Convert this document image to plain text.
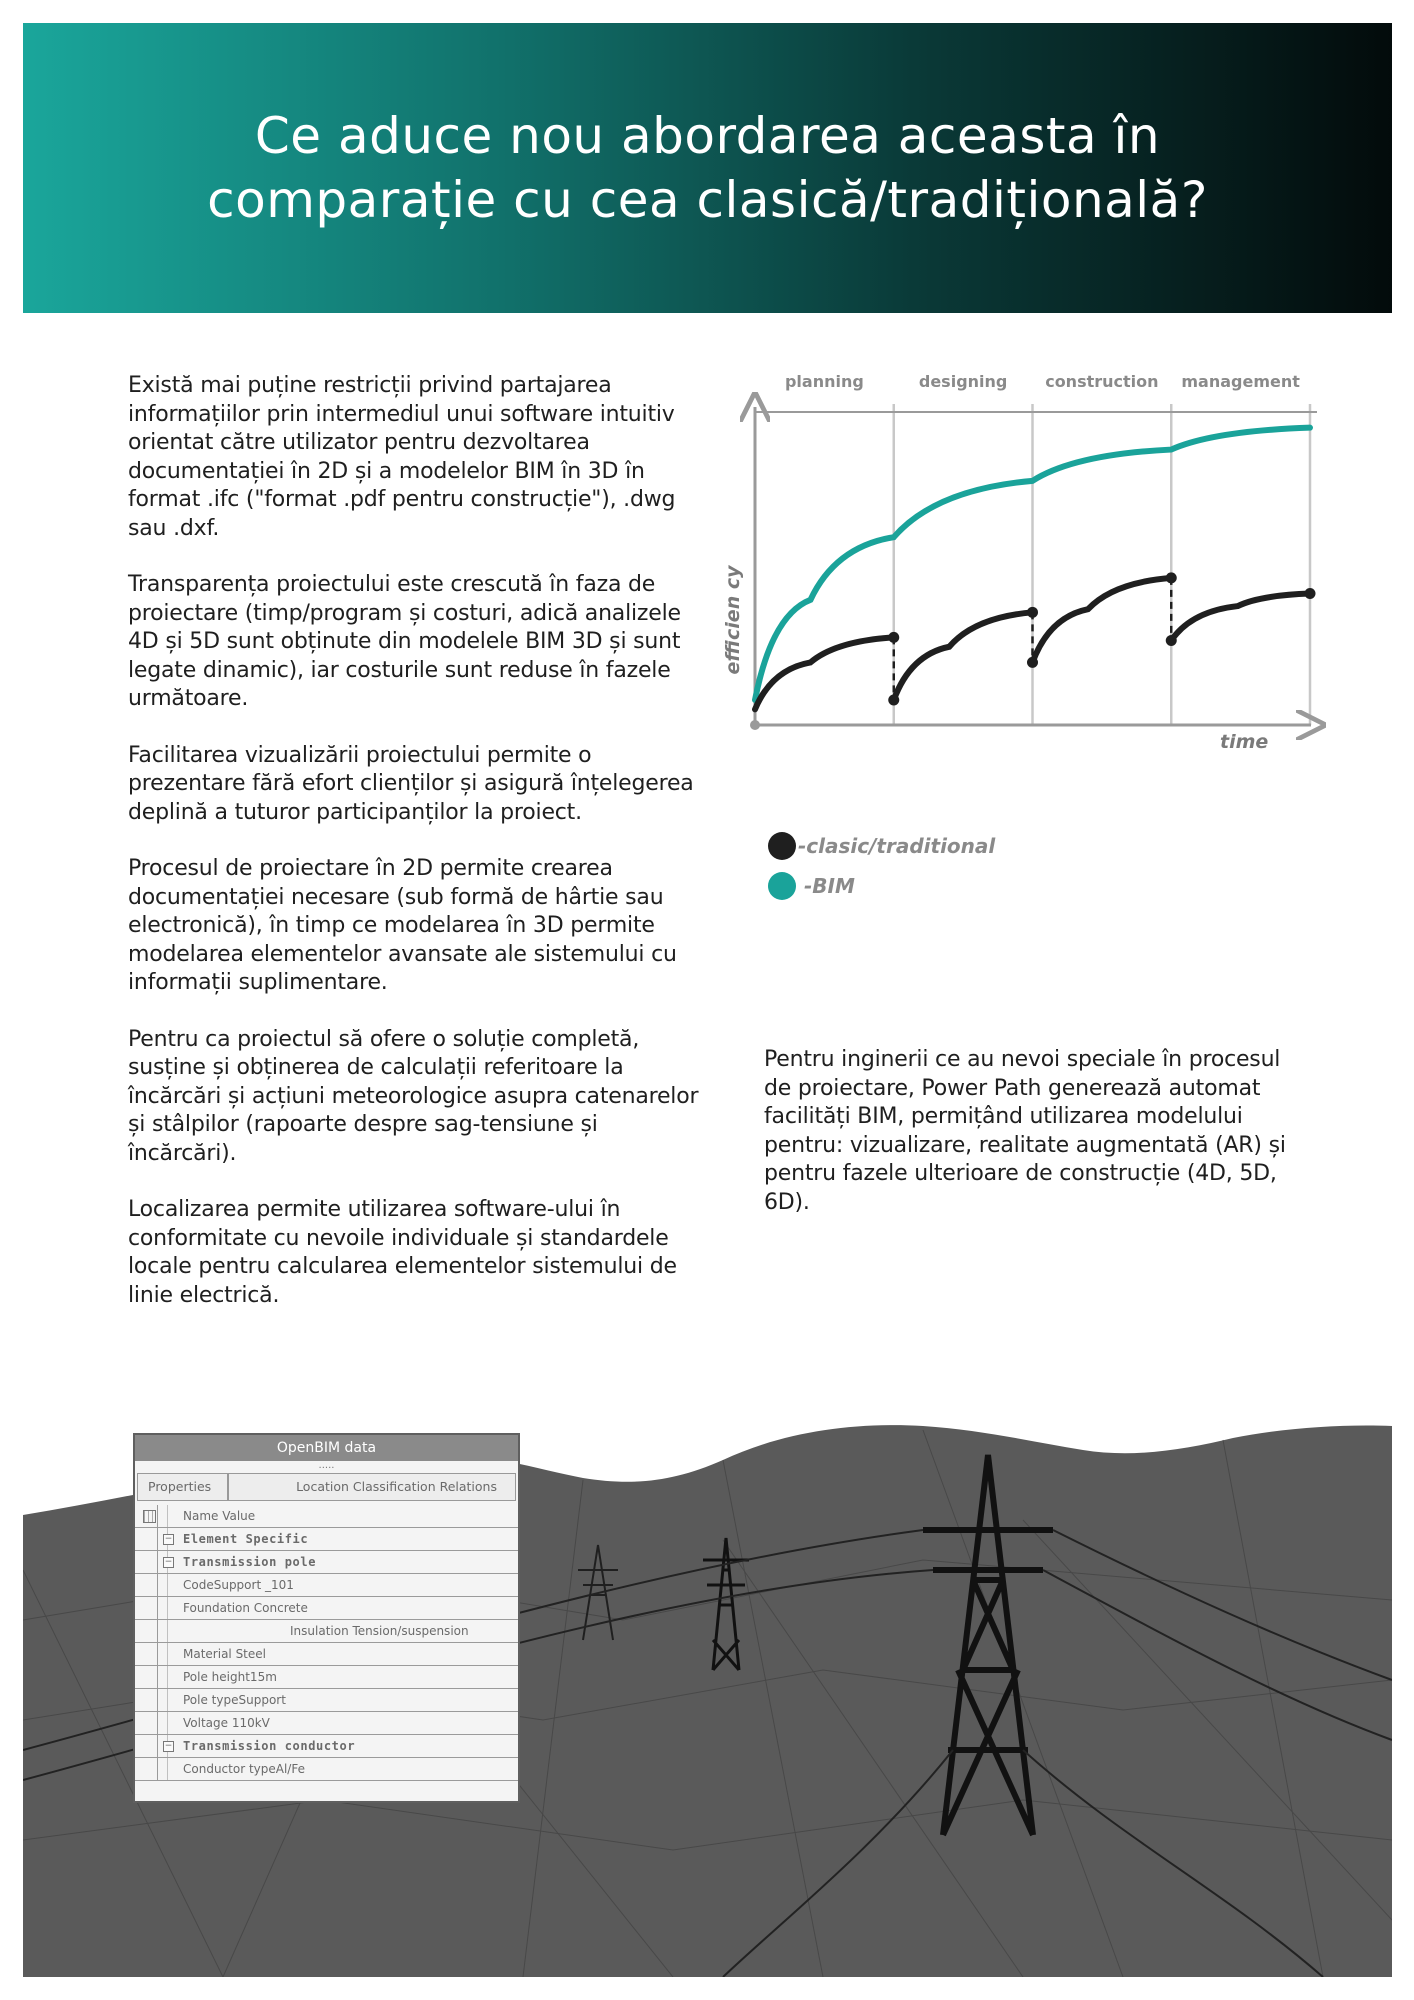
Ce aduce nou abordarea aceasta în
comparație cu cea clasică/tradițională?

Există mai puține restricții privind partajarea informațiilor prin intermediul unui software intuitiv orientat către utilizator pentru dezvoltarea documentației în 2D și a modelelor BIM în 3D în format .ifc ("format .pdf pentru construcție"), .dwg sau .dxf.

Transparența proiectului este crescută în faza de proiectare (timp/program și costuri, adică analizele 4D și 5D sunt obținute din modelele BIM 3D și sunt legate dinamic), iar costurile sunt reduse în fazele următoare.

Facilitarea vizualizării proiectului permite o prezentare fără efort clienților și asigură înțelegerea deplină a tuturor participanților la proiect.

Procesul de proiectare în 2D permite crearea documentației necesare (sub formă de hârtie sau electronică), în timp ce modelarea în 3D permite modelarea elementelor avansate ale sistemului cu informații suplimentare.

Pentru ca proiectul să ofere o soluție completă, susține și obținerea de calculații referitoare la încărcări și acțiuni meteorologice asupra catenarelor și stâlpilor (rapoarte despre sag-tensiune și încărcări).

Localizarea permite utilizarea software-ului în conformitate cu nevoile individuale și standardele locale pentru calcularea elementelor sistemului de linie electrică.

planning	designing construction management
efficien cy
time
-clasic/traditional
-BIM

Pentru inginerii ce au nevoi speciale în procesul de proiectare, Power Path generează automat facilități BIM, permițând utilizarea modelului pentru: vizualizare, realitate augmentată (AR) și pentru fazele ulterioare de construcție (4D, 5D, 6D).

OpenBIM data
.....
Properties	Location Classification Relations
Name Value
− Element Specific
− Transmission pole
CodeSupport _101
Foundation Concrete
Insulation Tension/suspension
Material Steel
Pole height15m
Pole typeSupport
Voltage 110kV
− Transmission conductor
Conductor typeAl/Fe
